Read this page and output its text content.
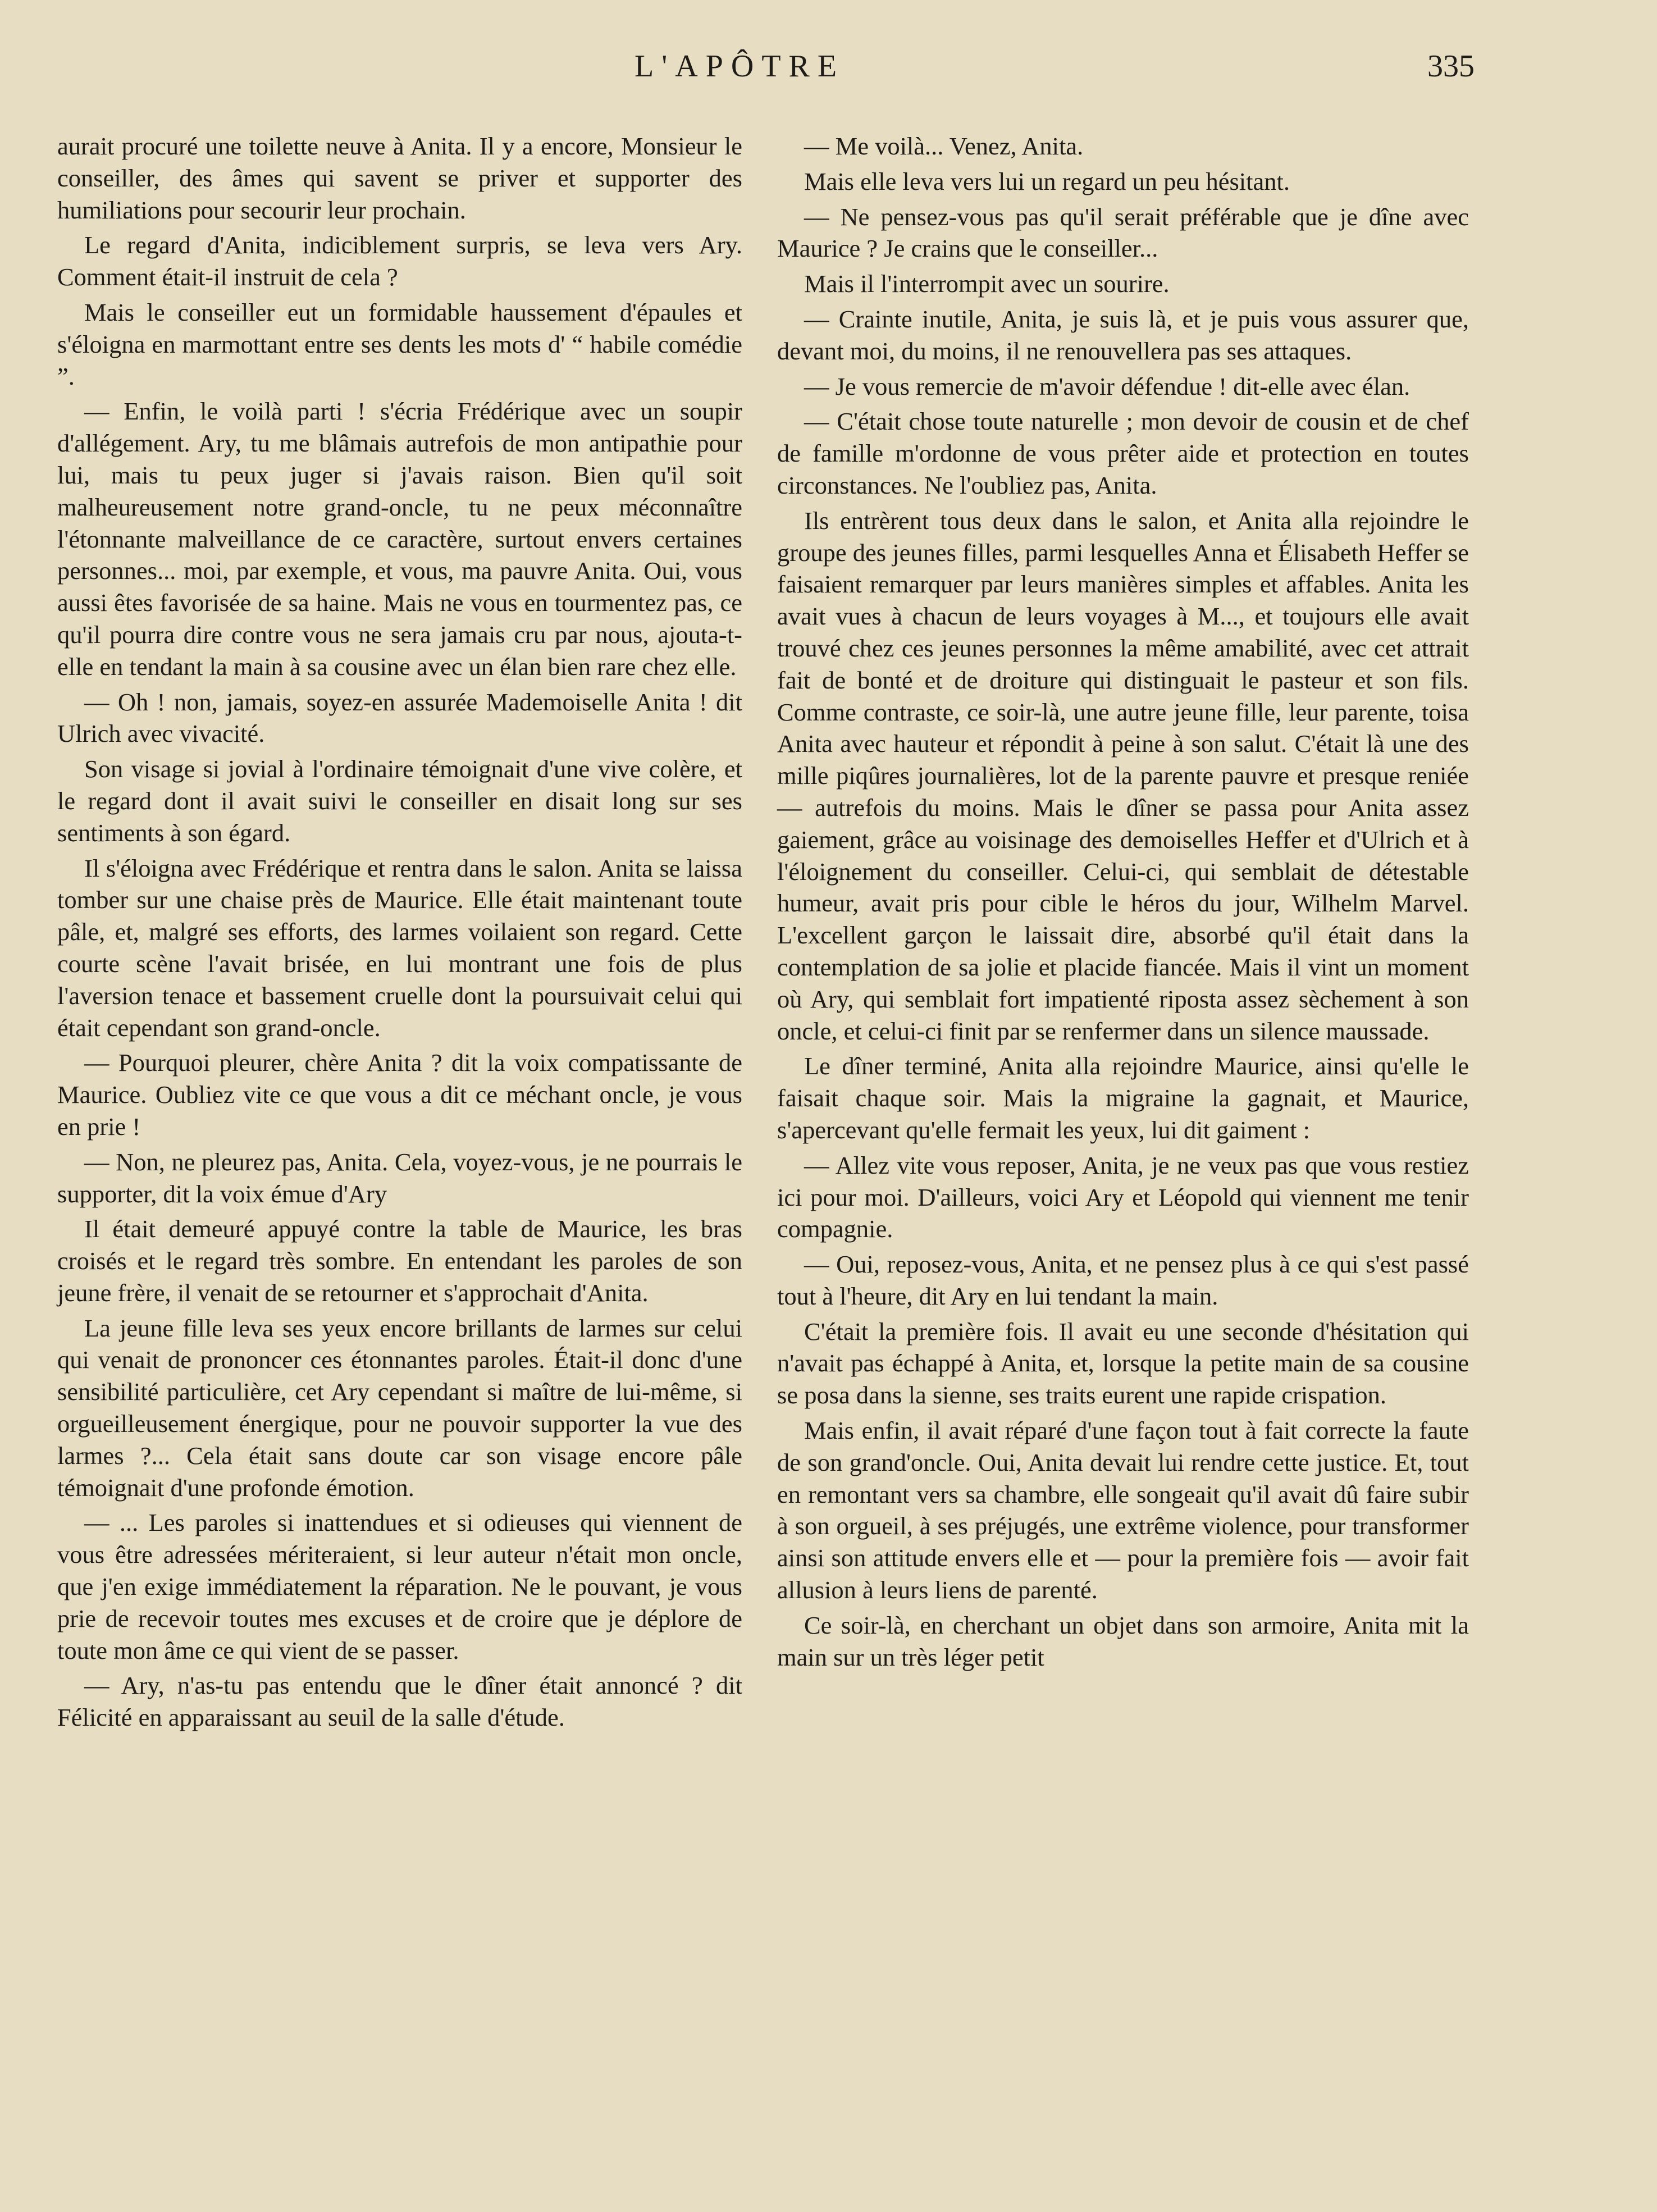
L'APÔTRE	335

aurait procuré une toilette neuve à Anita. Il y a encore, Monsieur le conseiller, des âmes qui savent se priver et supporter des humiliations pour secourir leur prochain.

Le regard d'Anita, indiciblement surpris, se leva vers Ary. Comment était-il instruit de cela ?

Mais le conseiller eut un formidable haussement d'épaules et s'éloigna en marmottant entre ses dents les mots d' “ habile comédie ”.

— Enfin, le voilà parti ! s'écria Frédérique avec un soupir d'allégement. Ary, tu me blâmais autrefois de mon antipathie pour lui, mais tu peux juger si j'avais raison. Bien qu'il soit malheureusement notre grand-oncle, tu ne peux méconnaître l'étonnante malveillance de ce caractère, surtout envers certaines personnes... moi, par exemple, et vous, ma pauvre Anita. Oui, vous aussi êtes favorisée de sa haine. Mais ne vous en tourmentez pas, ce qu'il pourra dire contre vous ne sera jamais cru par nous, ajouta-t-elle en tendant la main à sa cousine avec un élan bien rare chez elle.

— Oh ! non, jamais, soyez-en assurée Mademoiselle Anita ! dit Ulrich avec vivacité.

Son visage si jovial à l'ordinaire témoignait d'une vive colère, et le regard dont il avait suivi le conseiller en disait long sur ses sentiments à son égard.

Il s'éloigna avec Frédérique et rentra dans le salon. Anita se laissa tomber sur une chaise près de Maurice. Elle était maintenant toute pâle, et, malgré ses efforts, des larmes voilaient son regard. Cette courte scène l'avait brisée, en lui montrant une fois de plus l'aversion tenace et bassement cruelle dont la poursuivait celui qui était cependant son grand-oncle.

— Pourquoi pleurer, chère Anita ? dit la voix compatissante de Maurice. Oubliez vite ce que vous a dit ce méchant oncle, je vous en prie !

— Non, ne pleurez pas, Anita. Cela, voyez-vous, je ne pourrais le supporter, dit la voix émue d'Ary

Il était demeuré appuyé contre la table de Maurice, les bras croisés et le regard très sombre. En entendant les paroles de son jeune frère, il venait de se retourner et s'approchait d'Anita.

La jeune fille leva ses yeux encore brillants de larmes sur celui qui venait de prononcer ces étonnantes paroles. Était-il donc d'une sensibilité particulière, cet Ary cependant si maître de lui-même, si orgueilleusement énergique, pour ne pouvoir supporter la vue des larmes ?... Cela était sans doute car son visage encore pâle témoignait d'une profonde émotion.

— ... Les paroles si inattendues et si odieuses qui viennent de vous être adressées mériteraient, si leur auteur n'était mon oncle, que j'en exige immédiatement la réparation. Ne le pouvant, je vous prie de recevoir toutes mes excuses et de croire que je déplore de toute mon âme ce qui vient de se passer.

— Ary, n'as-tu pas entendu que le dîner était annoncé ? dit Félicité en apparaissant au seuil de la salle d'étude.

— Me voilà... Venez, Anita.

Mais elle leva vers lui un regard un peu hésitant.

— Ne pensez-vous pas qu'il serait préférable que je dîne avec Maurice ? Je crains que le conseiller...

Mais il l'interrompit avec un sourire.

— Crainte inutile, Anita, je suis là, et je puis vous assurer que, devant moi, du moins, il ne renouvellera pas ses attaques.

— Je vous remercie de m'avoir défendue ! dit-elle avec élan.

— C'était chose toute naturelle ; mon devoir de cousin et de chef de famille m'ordonne de vous prêter aide et protection en toutes circonstances. Ne l'oubliez pas, Anita.

Ils entrèrent tous deux dans le salon, et Anita alla rejoindre le groupe des jeunes filles, parmi lesquelles Anna et Élisabeth Heffer se faisaient remarquer par leurs manières simples et affables. Anita les avait vues à chacun de leurs voyages à M..., et toujours elle avait trouvé chez ces jeunes personnes la même amabilité, avec cet attrait fait de bonté et de droiture qui distinguait le pasteur et son fils. Comme contraste, ce soir-là, une autre jeune fille, leur parente, toisa Anita avec hauteur et répondit à peine à son salut. C'était là une des mille piqûres journalières, lot de la parente pauvre et presque reniée — autrefois du moins. Mais le dîner se passa pour Anita assez gaiement, grâce au voisinage des demoiselles Heffer et d'Ulrich et à l'éloignement du conseiller. Celui-ci, qui semblait de détestable humeur, avait pris pour cible le héros du jour, Wilhelm Marvel. L'excellent garçon le laissait dire, absorbé qu'il était dans la contemplation de sa jolie et placide fiancée. Mais il vint un moment où Ary, qui semblait fort impatienté riposta assez sèchement à son oncle, et celui-ci finit par se renfermer dans un silence maussade.

Le dîner terminé, Anita alla rejoindre Maurice, ainsi qu'elle le faisait chaque soir. Mais la migraine la gagnait, et Maurice, s'apercevant qu'elle fermait les yeux, lui dit gaiment :

— Allez vite vous reposer, Anita, je ne veux pas que vous restiez ici pour moi. D'ailleurs, voici Ary et Léopold qui viennent me tenir compagnie.

— Oui, reposez-vous, Anita, et ne pensez plus à ce qui s'est passé tout à l'heure, dit Ary en lui tendant la main.

C'était la première fois. Il avait eu une seconde d'hésitation qui n'avait pas échappé à Anita, et, lorsque la petite main de sa cousine se posa dans la sienne, ses traits eurent une rapide crispation.

Mais enfin, il avait réparé d'une façon tout à fait correcte la faute de son grand'oncle. Oui, Anita devait lui rendre cette justice. Et, tout en remontant vers sa chambre, elle songeait qu'il avait dû faire subir à son orgueil, à ses préjugés, une extrême violence, pour transformer ainsi son attitude envers elle et — pour la première fois — avoir fait allusion à leurs liens de parenté.

Ce soir-là, en cherchant un objet dans son armoire, Anita mit la main sur un très léger petit
